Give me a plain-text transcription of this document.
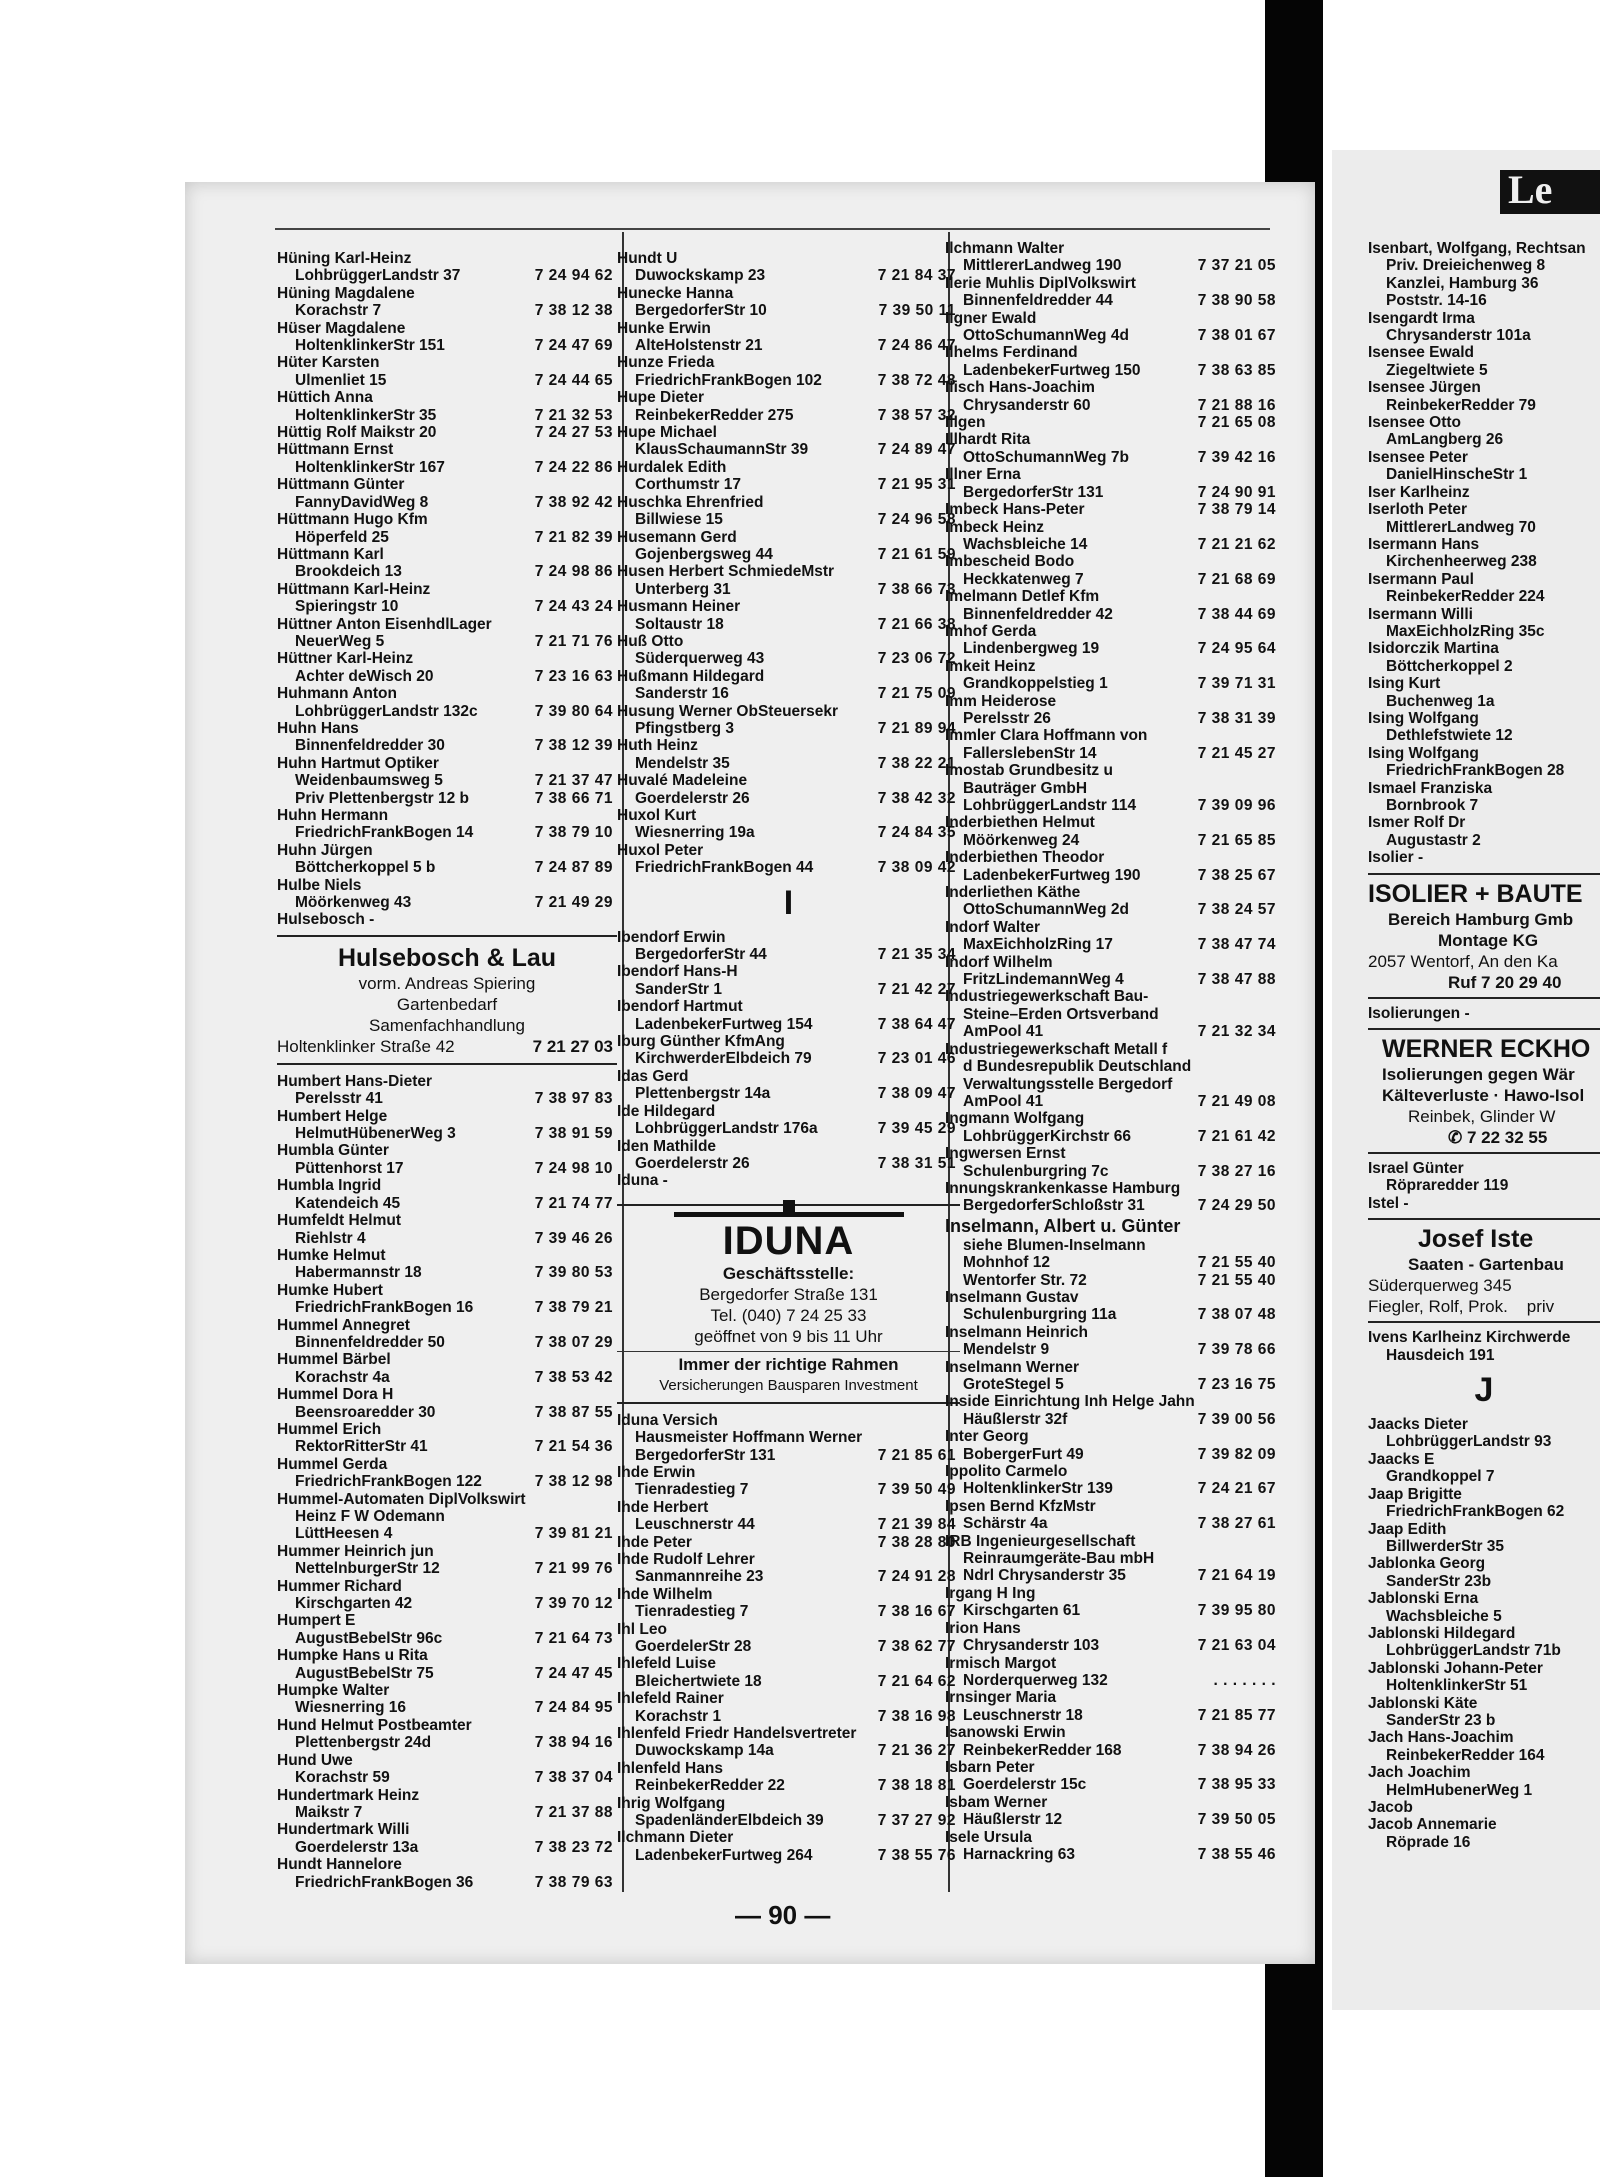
Le
Hüning Karl-Heinz
LohbrüggerLandstr 37	7 24 94 62
Hüning Magdalene
Korachstr 7	7 38 12 38
Hüser Magdalene
HoltenklinkerStr 151	7 24 47 69
Hüter Karsten
Ulmenliet 15	7 24 44 65
Hüttich Anna
HoltenklinkerStr 35	7 21 32 53
Hüttig Rolf Maikstr 20	7 24 27 53
Hüttmann Ernst
HoltenklinkerStr 167	7 24 22 86
Hüttmann Günter
FannyDavidWeg 8	7 38 92 42
Hüttmann Hugo Kfm
Höperfeld 25	7 21 82 39
Hüttmann Karl
Brookdeich 13	7 24 98 86
Hüttmann Karl-Heinz
Spieringstr 10	7 24 43 24
Hüttner Anton EisenhdlLager
NeuerWeg 5	7 21 71 76
Hüttner Karl-Heinz
Achter deWisch 20	7 23 16 63
Huhmann Anton
LohbrüggerLandstr 132c	7 39 80 64
Huhn Hans
Binnenfeldredder 30	7 38 12 39
Huhn Hartmut Optiker
Weidenbaumsweg 5	7 21 37 47
Priv Plettenbergstr 12 b	7 38 66 71
Huhn Hermann
FriedrichFrankBogen 14	7 38 79 10
Huhn Jürgen
Böttcherkoppel 5 b	7 24 87 89
Hulbe Niels
Möörkenweg 43	7 21 49 29
Hulsebosch -
Hulsebosch & Lau
vorm. Andreas Spiering
Gartenbedarf
Samenfachhandlung
Holtenklinker Straße 42	7 21 27 03
Humbert Hans-Dieter
Perelsstr 41	7 38 97 83
Humbert Helge
HelmutHübenerWeg 3	7 38 91 59
Humbla Günter
Püttenhorst 17	7 24 98 10
Humbla Ingrid
Katendeich 45	7 21 74 77
Humfeldt Helmut
Riehlstr 4	7 39 46 26
Humke Helmut
Habermannstr 18	7 39 80 53
Humke Hubert
FriedrichFrankBogen 16	7 38 79 21
Hummel Annegret
Binnenfeldredder 50	7 38 07 29
Hummel Bärbel
Korachstr 4a	7 38 53 42
Hummel Dora H
Beensroaredder 30	7 38 87 55
Hummel Erich
RektorRitterStr 41	7 21 54 36
Hummel Gerda
FriedrichFrankBogen 122	7 38 12 98
Hummel-Automaten DiplVolkswirt
Heinz F W Odemann
LüttHeesen 4	7 39 81 21
Hummer Heinrich jun
NettelnburgerStr 12	7 21 99 76
Hummer Richard
Kirschgarten 42	7 39 70 12
Humpert E
AugustBebelStr 96c	7 21 64 73
Humpke Hans u Rita
AugustBebelStr 75	7 24 47 45
Humpke Walter
Wiesnerring 16	7 24 84 95
Hund Helmut Postbeamter
Plettenbergstr 24d	7 38 94 16
Hund Uwe
Korachstr 59	7 38 37 04
Hundertmark Heinz
Maikstr 7	7 21 37 88
Hundertmark Willi
Goerdelerstr 13a	7 38 23 72
Hundt Hannelore
FriedrichFrankBogen 36	7 38 79 63
Hundt U
Duwockskamp 23	7 21 84 37
Hunecke Hanna
BergedorferStr 10	7 39 50 11
Hunke Erwin
AlteHolstenstr 21	7 24 86 47
Hunze Frieda
FriedrichFrankBogen 102	7 38 72 48
Hupe Dieter
ReinbekerRedder 275	7 38 57 32
Hupe Michael
KlausSchaumannStr 39	7 24 89 47
Hurdalek Edith
Corthumstr 17	7 21 95 31
Huschka Ehrenfried
Billwiese 15	7 24 96 58
Husemann Gerd
Gojenbergsweg 44	7 21 61 59
Husen Herbert SchmiedeMstr
Unterberg 31	7 38 66 73
Husmann Heiner
Soltaustr 18	7 21 66 38
Huß Otto
Süderquerweg 43	7 23 06 72
Hußmann Hildegard
Sanderstr 16	7 21 75 09
Husung Werner ObSteuersekr
Pfingstberg 3	7 21 89 94
Huth Heinz
Mendelstr 35	7 38 22 21
Huvalé Madeleine
Goerdelerstr 26	7 38 42 32
Huxol Kurt
Wiesnerring 19a	7 24 84 35
Huxol Peter
FriedrichFrankBogen 44	7 38 09 42
I
Ibendorf Erwin
BergedorferStr 44	7 21 35 34
Ibendorf Hans-H
SanderStr 1	7 21 42 27
Ibendorf Hartmut
LadenbekerFurtweg 154	7 38 64 47
Iburg Günther KfmAng
KirchwerderElbdeich 79	7 23 01 46
Idas Gerd
Plettenbergstr 14a	7 38 09 47
Ide Hildegard
LohbrüggerLandstr 176a	7 39 45 29
Iden Mathilde
Goerdelerstr 26	7 38 31 51
Iduna -
IDUNA
Geschäftsstelle:
Bergedorfer Straße 131
Tel. (040) 7 24 25 33
geöffnet von 9 bis 11 Uhr
Immer der richtige Rahmen
Versicherungen Bausparen Investment
Iduna Versich
Hausmeister Hoffmann Werner
BergedorferStr 131	7 21 85 61
Ihde Erwin
Tienradestieg 7	7 39 50 49
Ihde Herbert
Leuschnerstr 44	7 21 39 84
Ihde Peter	7 38 28 80
Ihde Rudolf Lehrer
Sanmannreihe 23	7 24 91 28
Ihde Wilhelm
Tienradestieg 7	7 38 16 67
Ihl Leo
GoerdelerStr 28	7 38 62 77
Ihlefeld Luise
Bleichertwiete 18	7 21 64 62
Ihlefeld Rainer
Korachstr 1	7 38 16 98
Ihlenfeld Friedr Handelsvertreter
Duwockskamp 14a	7 21 36 27
Ihlenfeld Hans
ReinbekerRedder 22	7 38 18 81
Ihrig Wolfgang
SpadenländerElbdeich 39	7 37 27 92
Ilchmann Dieter
LadenbekerFurtweg 264	7 38 55 76
Ilchmann Walter
MittlererLandweg 190	7 37 21 05
Ilerie Muhlis DiplVolkswirt
Binnenfeldredder 44	7 38 90 58
Ilgner Ewald
OttoSchumannWeg 4d	7 38 01 67
Ilhelms Ferdinand
LadenbekerFurtweg 150	7 38 63 85
Ilisch Hans-Joachim
Chrysanderstr 60	7 21 88 16
Illgen	7 21 65 08
Illhardt Rita
OttoSchumannWeg 7b	7 39 42 16
Illner Erna
BergedorferStr 131	7 24 90 91
Imbeck Hans-Peter	7 38 79 14
Imbeck Heinz
Wachsbleiche 14	7 21 21 62
Imbescheid Bodo
Heckkatenweg 7	7 21 68 69
Imelmann Detlef Kfm
Binnenfeldredder 42	7 38 44 69
Imhof Gerda
Lindenbergweg 19	7 24 95 64
Imkeit Heinz
Grandkoppelstieg 1	7 39 71 31
Imm Heiderose
Perelsstr 26	7 38 31 39
Immler Clara Hoffmann von
FallerslebenStr 14	7 21 45 27
Imostab Grundbesitz u
Bauträger GmbH
LohbrüggerLandstr 114	7 39 09 96
Inderbiethen Helmut
Möörkenweg 24	7 21 65 85
Inderbiethen Theodor
LadenbekerFurtweg 190	7 38 25 67
Inderliethen Käthe
OttoSchumannWeg 2d	7 38 24 57
Indorf Walter
MaxEichholzRing 17	7 38 47 74
Indorf Wilhelm
FritzLindemannWeg 4	7 38 47 88
Industriegewerkschaft Bau-
Steine–Erden Ortsverband
AmPool 41	7 21 32 34
Industriegewerkschaft Metall f
d Bundesrepublik Deutschland
Verwaltungsstelle Bergedorf
AmPool 41	7 21 49 08
Ingmann Wolfgang
LohbrüggerKirchstr 66	7 21 61 42
Ingwersen Ernst
Schulenburgring 7c	7 38 27 16
Innungskrankenkasse Hamburg
BergedorferSchloßstr 31	7 24 29 50
Inselmann, Albert u. Günter
siehe Blumen-Inselmann
Mohnhof 12	7 21 55 40
Wentorfer Str. 72	7 21 55 40
Inselmann Gustav
Schulenburgring 11a	7 38 07 48
Inselmann Heinrich
Mendelstr 9	7 39 78 66
Inselmann Werner
GroteStegel 5	7 23 16 75
Inside Einrichtung Inh Helge Jahn
Häußlerstr 32f	7 39 00 56
Inter Georg
BobergerFurt 49	7 39 82 09
Ippolito Carmelo
HoltenklinkerStr 139	7 24 21 67
Ipsen Bernd KfzMstr
Schärstr 4a	7 38 27 61
IRB Ingenieurgesellschaft
Reinraumgeräte-Bau mbH
Ndrl Chrysanderstr 35	7 21 64 19
Irgang H Ing
Kirschgarten 61	7 39 95 80
Irion Hans
Chrysanderstr 103	7 21 63 04
Irmisch Margot
Norderquerweg 132	. . . . . . .
Irnsinger Maria
Leuschnerstr 18	7 21 85 77
Isanowski Erwin
ReinbekerRedder 168	7 38 94 26
Isbarn Peter
Goerdelerstr 15c	7 38 95 33
Isbam Werner
Häußlerstr 12	7 39 50 05
Isele Ursula
Harnackring 63	7 38 55 46
Isenbart, Wolfgang, Rechtsan
Priv. Dreieichenweg 8
Kanzlei, Hamburg 36
Poststr. 14-16
Isengardt Irma
Chrysanderstr 101a
Isensee Ewald
Ziegeltwiete 5
Isensee Jürgen
ReinbekerRedder 79
Isensee Otto
AmLangberg 26
Isensee Peter
DanielHinscheStr 1
Iser Karlheinz
Iserloth Peter
MittlererLandweg 70
Isermann Hans
Kirchenheerweg 238
Isermann Paul
ReinbekerRedder 224
Isermann Willi
MaxEichholzRing 35c
Isidorczik Martina
Böttcherkoppel 2
Ising Kurt
Buchenweg 1a
Ising Wolfgang
Dethlefstwiete 12
Ising Wolfgang
FriedrichFrankBogen 28
Ismael Franziska
Bornbrook 7
Ismer Rolf Dr
Augustastr 2
Isolier -
ISOLIER + BAUTE
Bereich Hamburg Gmb
Montage KG
2057 Wentorf, An den Ka
Ruf 7 20 29 40
Isolierungen -
WERNER ECKHO
Isolierungen gegen Wär
Kälteverluste · Hawo-Isol
Reinbek, Glinder W
✆ 7 22 32 55
Israel Günter
Röpraredder 119
Istel -
Josef Iste
Saaten - Gartenbau
Süderquerweg 345
Fiegler, Rolf, Prok. priv
Ivens Karlheinz Kirchwerde
Hausdeich 191
J
Jaacks Dieter
LohbrüggerLandstr 93
Jaacks E
Grandkoppel 7
Jaap Brigitte
FriedrichFrankBogen 62
Jaap Edith
BillwerderStr 35
Jablonka Georg
SanderStr 23b
Jablonski Erna
Wachsbleiche 5
Jablonski Hildegard
LohbrüggerLandstr 71b
Jablonski Johann-Peter
HoltenklinkerStr 51
Jablonski Käte
SanderStr 23 b
Jach Hans-Joachim
ReinbekerRedder 164
Jach Joachim
HelmHubenerWeg 1
Jacob
Jacob Annemarie
Röprade 16
— 90 —
